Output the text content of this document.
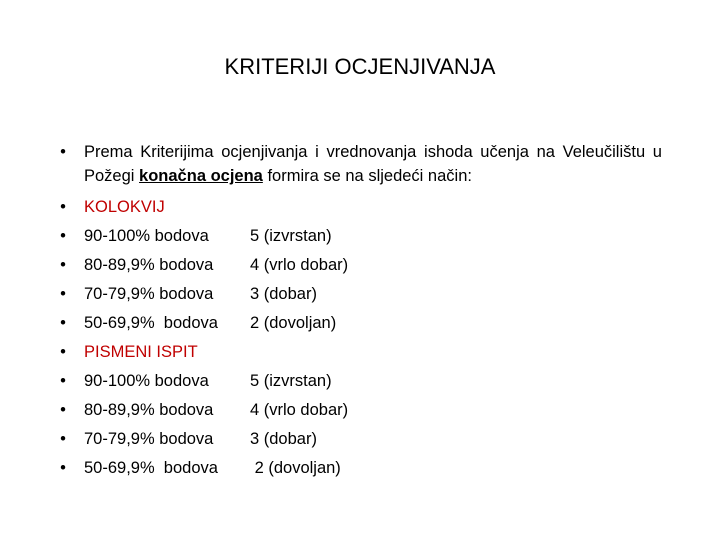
KRITERIJI OCJENJIVANJA
• Prema Kriterijima ocjenjivanja i vrednovanja ishoda učenja na Veleučilištu u Požegi konačna ocjena formira se na sljedeći način:
• KOLOKVIJ
• 90-100% bodova	5 (izvrstan)
• 80-89,9% bodova	4 (vrlo dobar)
• 70-79,9% bodova	3 (dobar)
• 50-69,9%  bodova	2 (dovoljan)
• PISMENI ISPIT
• 90-100% bodova	5 (izvrstan)
• 80-89,9% bodova	4 (vrlo dobar)
• 70-79,9% bodova	3 (dobar)
• 50-69,9%  bodova	2 (dovoljan)
